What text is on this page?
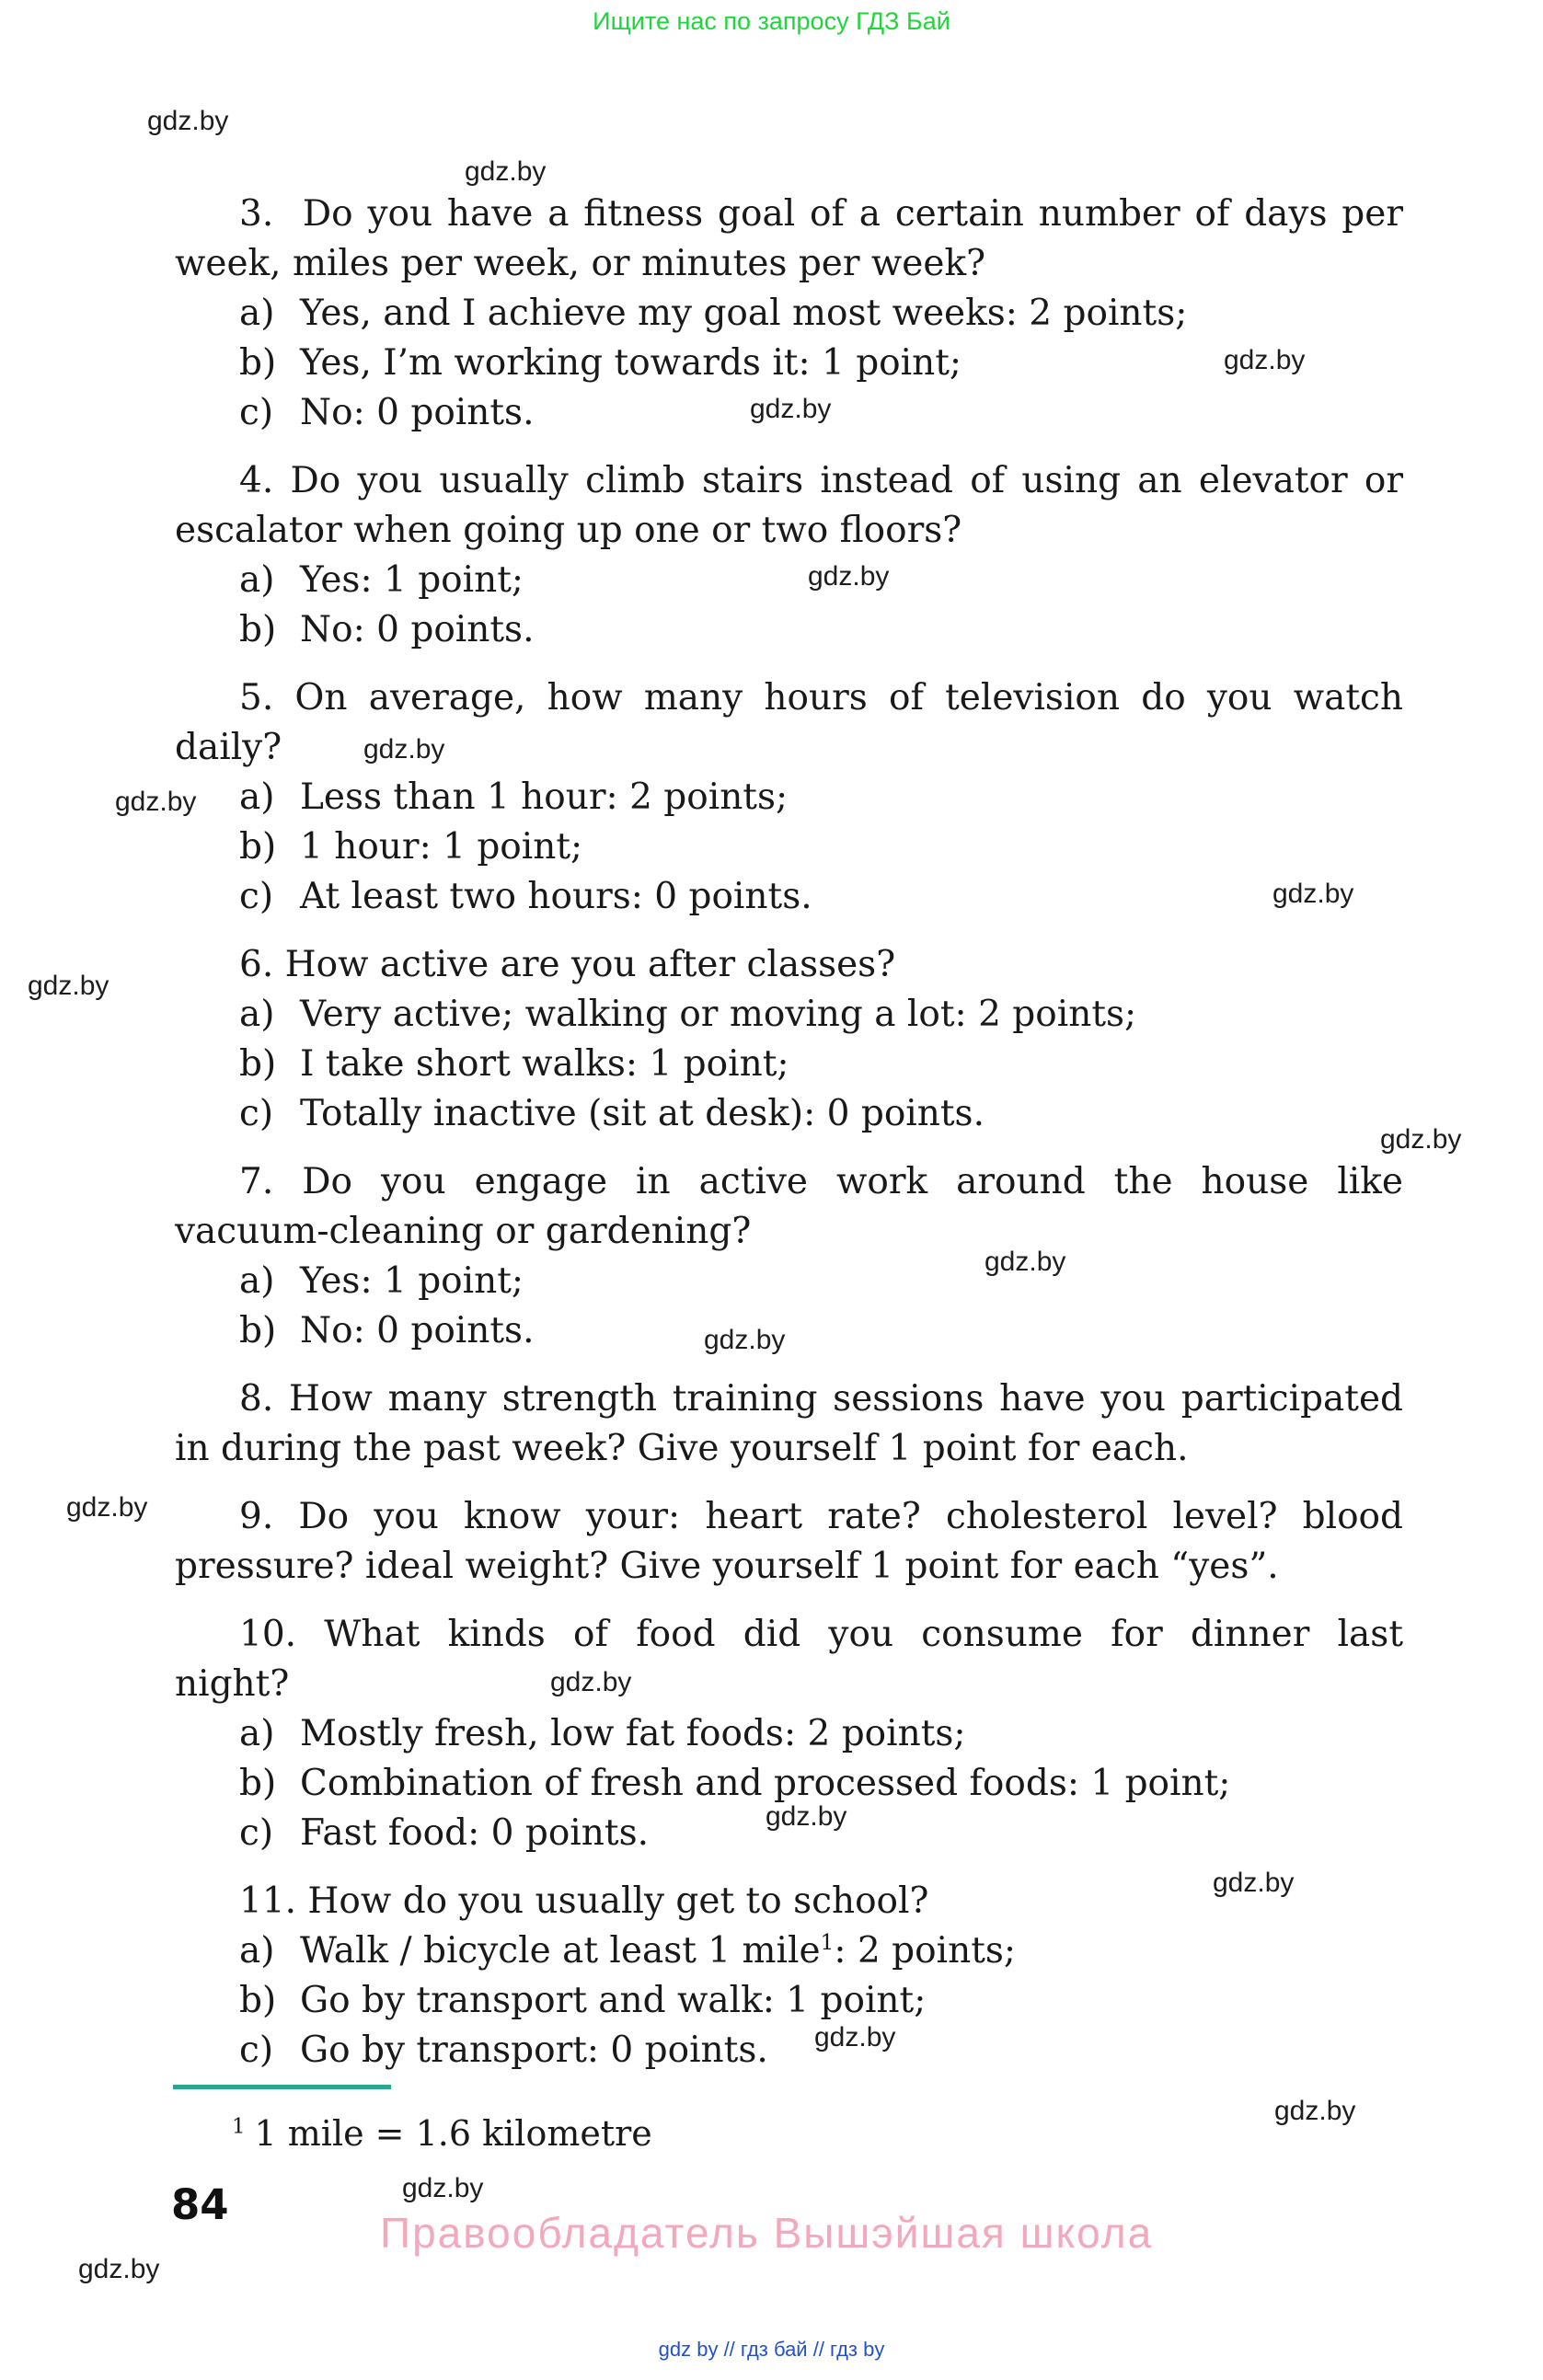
Ищите нас по запросу ГДЗ Бай
gdz.by
gdz.by
gdz.by
gdz.by
gdz.by
gdz.by
gdz.by
gdz.by
gdz.by
gdz.by
gdz.by
gdz.by
gdz.by
gdz.by
gdz.by
gdz.by
gdz.by
gdz.by
gdz.by
gdz.by
3.  Do you have a fitness goal of a certain number of days per
week, miles per week, or minutes per week?
a) Yes, and I achieve my goal most weeks: 2 points;
b) Yes, I’m working towards it: 1 point;
c) No: 0 points.
4. Do you usually climb stairs instead of using an elevator or
escalator when going up one or two floors?
a) Yes: 1 point;
b) No: 0 points.
5. On average, how many hours of television do you watch
daily?
a) Less than 1 hour: 2 points;
b) 1 hour: 1 point;
c) At least two hours: 0 points.
6. How active are you after classes?
a) Very active; walking or moving a lot: 2 points;
b) I take short walks: 1 point;
c) Totally inactive (sit at desk): 0 points.
7. Do you engage in active work around the house like
vacuum-cleaning or gardening?
a) Yes: 1 point;
b) No: 0 points.
8. How many strength training sessions have you participated
in during the past week? Give yourself 1 point for each.
9. Do you know your: heart rate? cholesterol level? blood
pressure? ideal weight? Give yourself 1 point for each “yes”.
10. What kinds of food did you consume for dinner last
night?
a) Mostly fresh, low fat foods: 2 points;
b) Combination of fresh and processed foods: 1 point;
c) Fast food: 0 points.
11. How do you usually get to school?
a) Walk / bicycle at least 1 mile$^1$: 2 points;
b) Go by transport and walk: 1 point;
c) Go by transport: 0 points.
$^1$ 1 mile = 1.6 kilometre
84
Правообладатель Вышэйшая школа
gdz by // гдз бай // гдз by
